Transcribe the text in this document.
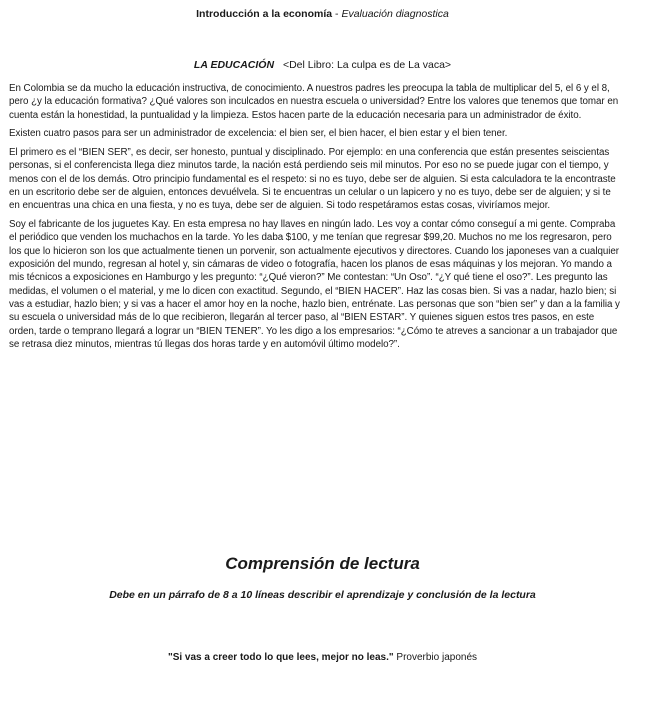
Introducción a la economía - Evaluación diagnostica
LA EDUCACIÓN <Del Libro: La culpa es de La vaca>

En Colombia se da mucho la educación instructiva, de conocimiento. A nuestros padres les preocupa la tabla de multiplicar del 5, el 6 y el 8, pero ¿y la educación formativa? ¿Qué valores son inculcados en nuestra escuela o universidad? Entre los valores que tenemos que tomar en cuenta están la honestidad, la puntualidad y la limpieza. Estos hacen parte de la educación necesaria para un administrador de éxito.

Existen cuatro pasos para ser un administrador de excelencia: el bien ser, el bien hacer, el bien estar y el bien tener.

El primero es el “BIEN SER”, es decir, ser honesto, puntual y disciplinado. Por ejemplo: en una conferencia que están presentes seiscientas personas, si el conferencista llega diez minutos tarde, la nación está perdiendo seis mil minutos. Por eso no se puede jugar con el tiempo, y menos con el de los demás. Otro principio fundamental es el respeto: si no es tuyo, debe ser de alguien. Si esta calculadora te la encontraste en un escritorio debe ser de alguien, entonces devuélvela. Si te encuentras un celular o un lapicero y no es tuyo, debe ser de alguien; y si te en encuentras una chica en una fiesta, y no es tuya, debe ser de alguien. Si todo respetáramos estas cosas, viviríamos mejor.

Soy el fabricante de los juguetes Kay. En esta empresa no hay llaves en ningún lado. Les voy a contar cómo conseguí a mi gente. Compraba el periódico que venden los muchachos en la tarde. Yo les daba $100, y me tenían que regresar $99,20. Muchos no me los regresaron, pero los que lo hicieron son los que actualmente tienen un porvenir, son actualmente ejecutivos y directores. Cuando los japoneses van a cualquier exposición del mundo, regresan al hotel y, sin cámaras de video o fotografía, hacen los planos de esas máquinas y los mejoran. Yo mando a mis técnicos a exposiciones en Hamburgo y les pregunto: “¿Qué vieron?” Me contestan: “Un Oso”. “¿Y qué tiene el oso?”. Les pregunto las medidas, el volumen o el material, y me lo dicen con exactitud. Segundo, el “BIEN HACER”. Haz las cosas bien. Si vas a nadar, hazlo bien; si vas a estudiar, hazlo bien; y si vas a hacer el amor hoy en la noche, hazlo bien, entrénate. Las personas que son “bien ser” y dan a la familia y su escuela o universidad más de lo que recibieron, llegarán al tercer paso, al “BIEN ESTAR”. Y quienes siguen estos tres pasos, en este orden, tarde o temprano llegará a lograr un “BIEN TENER”. Yo les digo a los empresarios: “¿Cómo te atreves a sancionar a un trabajador que se retrasa diez minutos, mientras tú llegas dos horas tarde y en automóvil último modelo?”.

Comprensión de lectura
Debe en un párrafo de 8 a 10 líneas describir el aprendizaje y conclusión de la lectura
"Si vas a creer todo lo que lees, mejor no leas." Proverbio japonés
